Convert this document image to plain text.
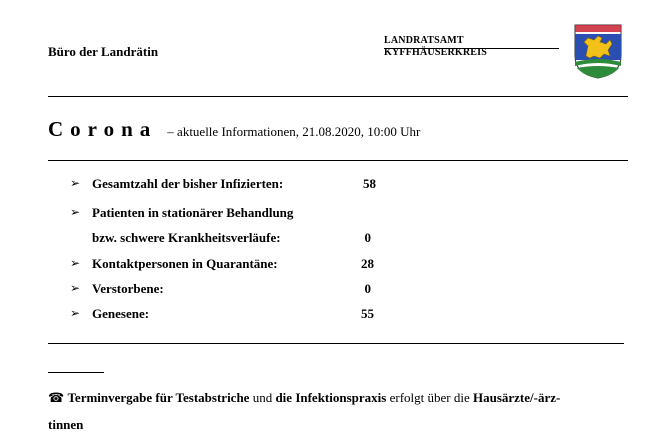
Büro der Landrätin
LANDRATSAMT
KYFFHÄUSERKREIS
Corona – aktuelle Informationen, 21.08.2020, 10:00 Uhr
➢ Gesamtzahl der bisher Infizierten:	58
➢ Patienten in stationärer Behandlung
bzw. schwere Krankheitsverläufe:	0
➢ Kontaktpersonen in Quarantäne:	28
➢ Verstorbene:	0
➢ Genesene:	55
☎ Terminvergabe für Testabstriche und die Infektionspraxis erfolgt über die Hausärzte/-ärz-
tinnen
